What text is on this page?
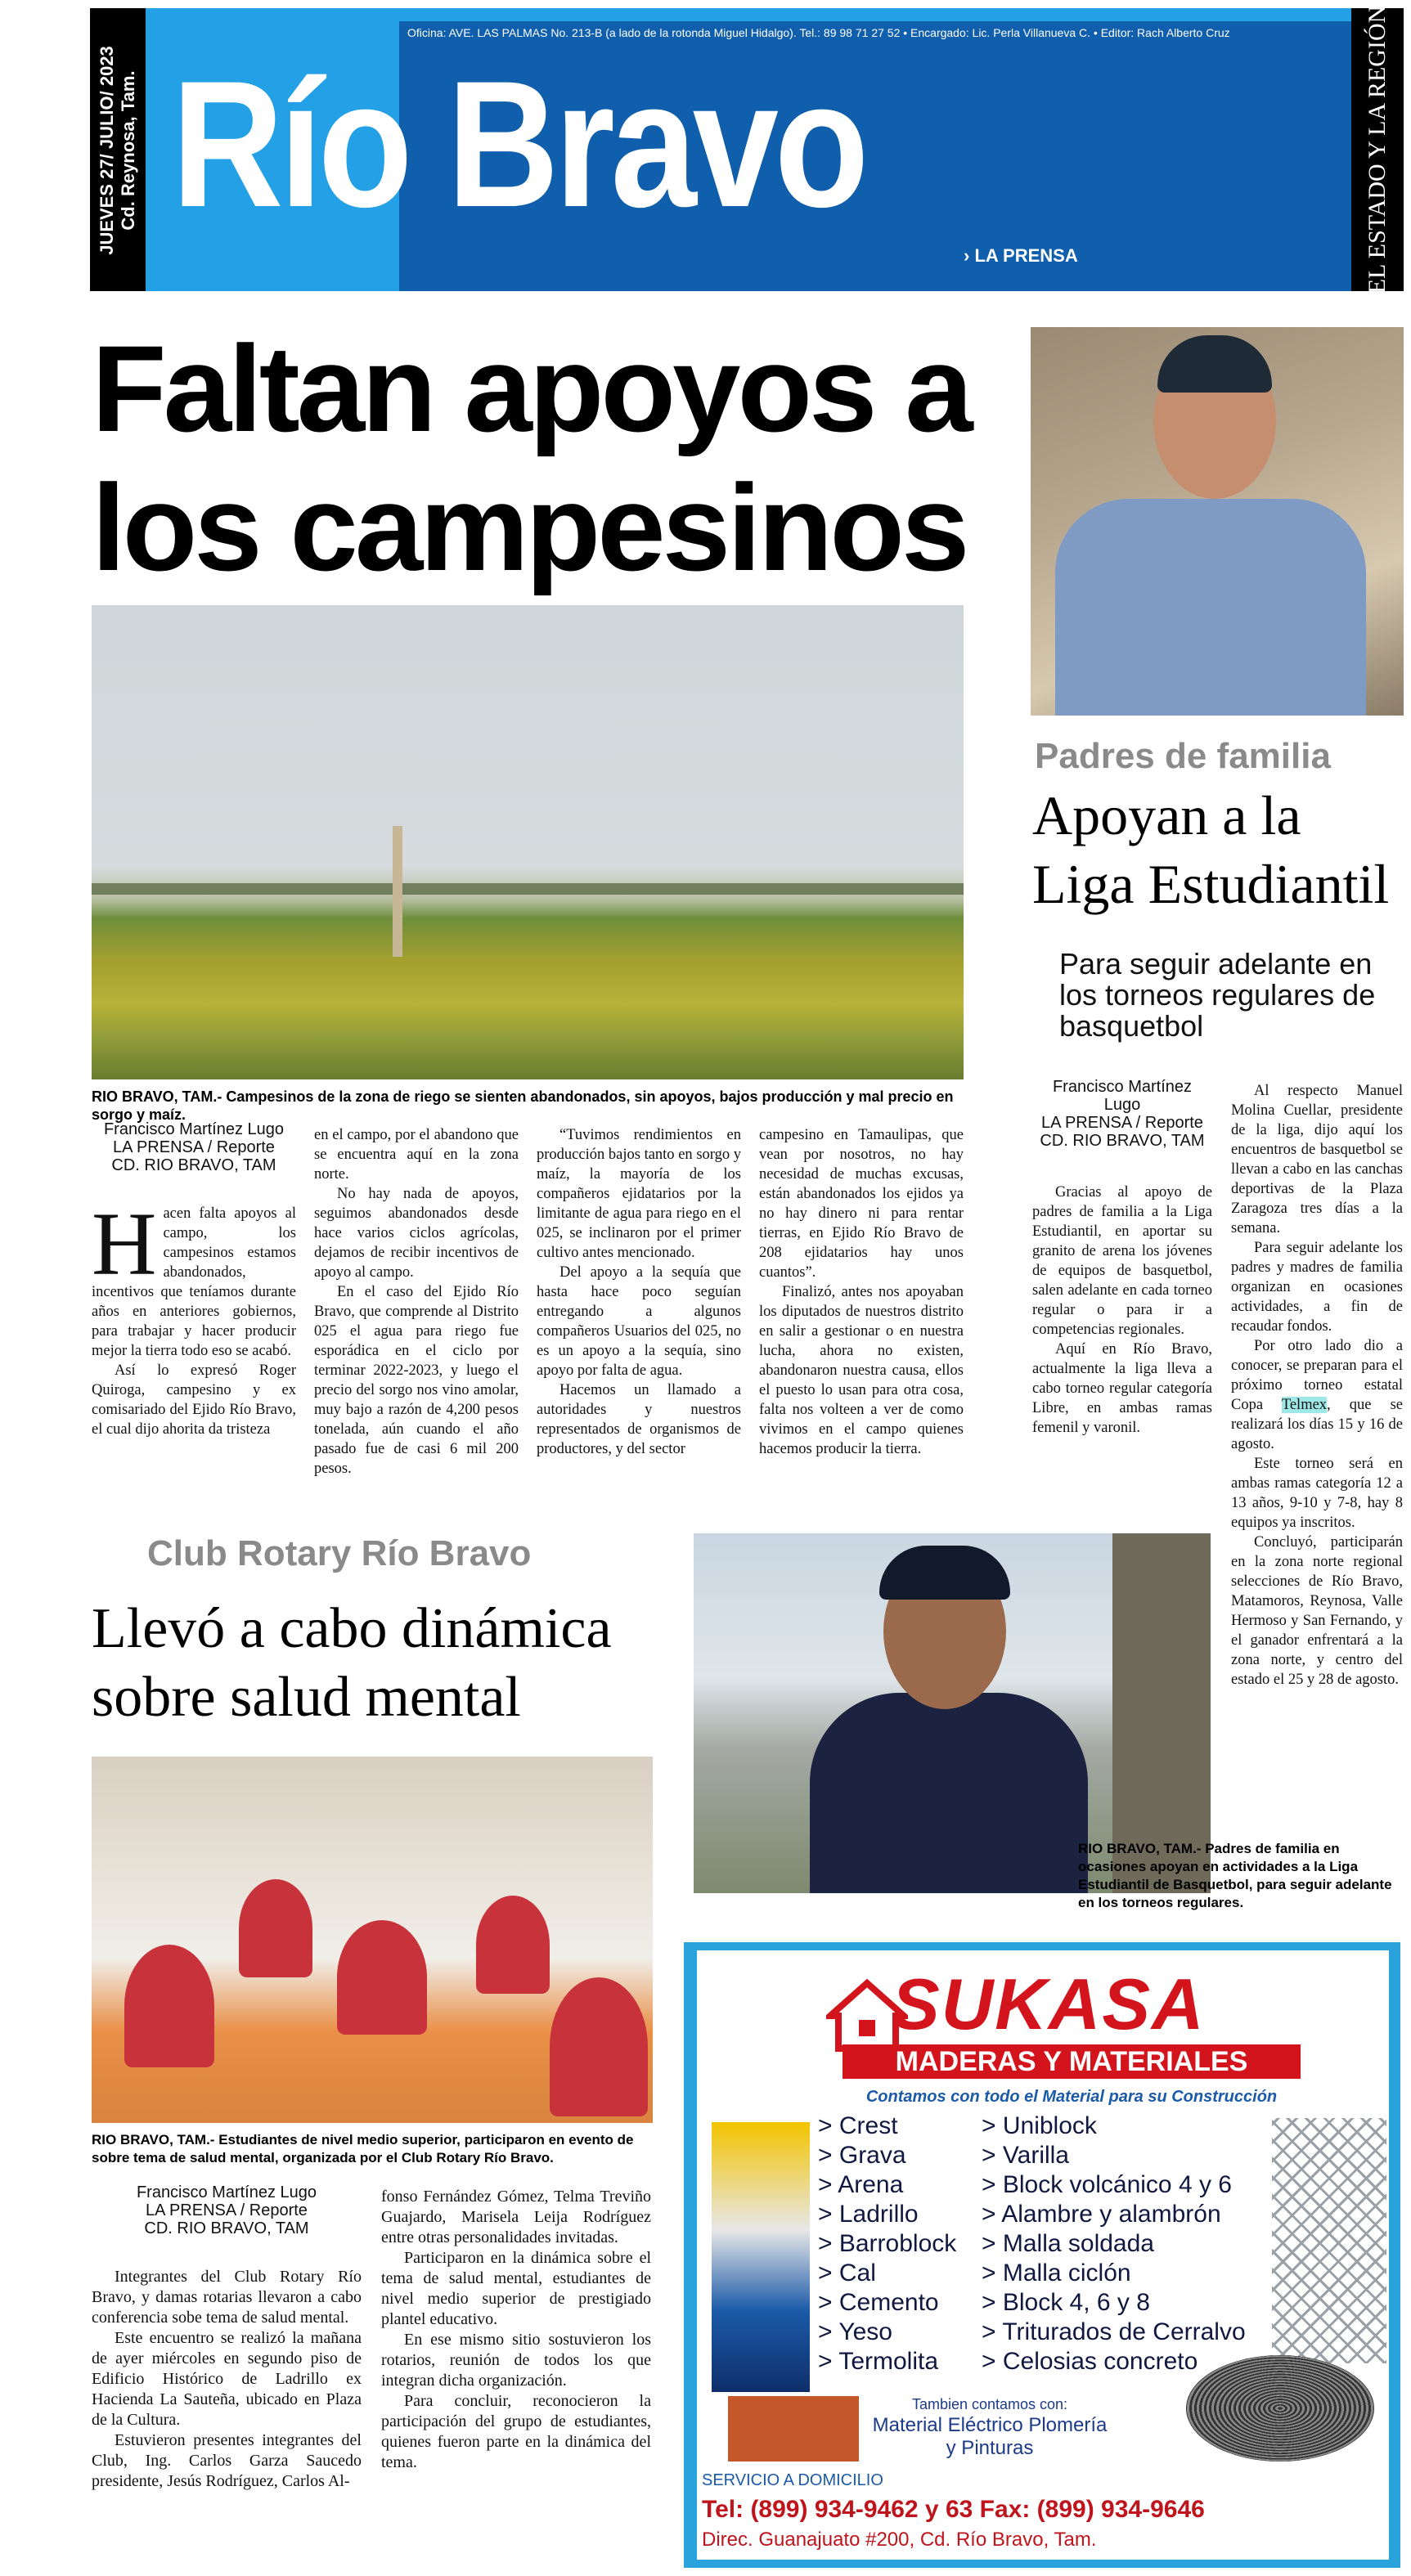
JUEVES 27/ JULIO/ 2023
Cd. Reynosa, Tam.
Oficina: AVE. LAS PALMAS No. 213-B (a lado de la rotonda Miguel Hidalgo). Tel.: 89 98 71 27 52 • Encargado: Lic. Perla Villanueva C. • Editor: Rach Alberto Cruz
Río Bravo
› LA PRENSA	EL ESTADO Y LA REGIÓN
Faltan apoyos a los campesinos
RIO BRAVO, TAM.- Campesinos de la zona de riego se sienten abandonados, sin apoyos, bajos producción y mal precio en sorgo y maíz.
Francisco Martínez Lugo
LA PRENSA / Reporte
CD. RIO BRAVO, TAM
H acen falta apoyos al campo, los campesinos estamos abandonados, incentivos que teníamos durante años en anteriores gobiernos, para trabajar y hacer producir mejor la tierra todo eso se acabó.

Así lo expresó Roger Quiroga, campesino y ex comisariado del Ejido Río Bravo, el cual dijo ahorita da tristeza

en el campo, por el abandono que se encuentra aquí en la zona norte.

No hay nada de apoyos, seguimos abandonados desde hace varios ciclos agrícolas, dejamos de recibir incentivos de apoyo al campo.

En el caso del Ejido Río Bravo, que comprende al Distrito 025 el agua para riego fue esporádica en el ciclo por terminar 2022-2023, y luego el precio del sorgo nos vino amolar, muy bajo a razón de 4,200 pesos tonelada, aún cuando el año pasado fue de casi 6 mil 200 pesos.

“Tuvimos rendimientos en producción bajos tanto en sorgo y maíz, la mayoría de los compañeros ejidatarios por la limitante de agua para riego en el 025, se inclinaron por el primer cultivo antes mencionado.

Del apoyo a la sequía que hasta hace poco seguían entregando a algunos compañeros Usuarios del 025, no es un apoyo a la sequía, sino apoyo por falta de agua.

Hacemos un llamado a autoridades y nuestros representados de organismos de productores, y del sector

campesino en Tamaulipas, que vean por nosotros, no hay necesidad de muchas excusas, están abandonados los ejidos ya no hay dinero ni para rentar tierras, en Ejido Río Bravo de 208 ejidatarios hay unos cuantos”.

Finalizó, antes nos apoyaban los diputados de nuestros distrito en salir a gestionar o en nuestra lucha, ahora no existen, abandonaron nuestra causa, ellos el puesto lo usan para otra cosa, falta nos volteen a ver de como vivimos en el campo quienes hacemos producir la tierra.

Padres de familia
Apoyan a la Liga Estudiantil
Para seguir adelante en los torneos regulares de basquetbol
Francisco Martínez
Lugo
LA PRENSA / Reporte
CD. RIO BRAVO, TAM

Gracias al apoyo de padres de familia a la Liga Estudiantil, en aportar su granito de arena los jóvenes de equipos de basquetbol, salen adelante en cada torneo regular o para ir a competencias regionales.

Aquí en Río Bravo, actualmente la liga lleva a cabo torneo regular categoría Libre, en ambas ramas femenil y varonil.

Al respecto Manuel Molina Cuellar, presidente de la liga, dijo aquí los encuentros de basquetbol se llevan a cabo en las canchas deportivas de la Plaza Zaragoza tres días a la semana.

Para seguir adelante los padres y madres de familia organizan en ocasiones actividades, a fin de recaudar fondos.

Por otro lado dio a conocer, se preparan para el próximo torneo estatal Copa Telmex, que se realizará los días 15 y 16 de agosto.

Este torneo será en ambas ramas categoría 12 a 13 años, 9-10 y 7-8, hay 8 equipos ya inscritos.

Concluyó, participarán en la zona norte regional selecciones de Río Bravo, Matamoros, Reynosa, Valle Hermoso y San Fernando, y el ganador enfrentará a la zona norte, y centro del estado el 25 y 28 de agosto.

RIO BRAVO, TAM.- Padres de familia en ocasiones apoyan en actividades a la Liga Estudiantil de Basquetbol, para seguir adelante en los torneos regulares.
Club Rotary Río Bravo
Llevó a cabo dinámica sobre salud mental
RIO BRAVO, TAM.- Estudiantes de nivel medio superior, participaron en evento de sobre tema de salud mental, organizada por el Club Rotary Río Bravo.
Francisco Martínez Lugo
LA PRENSA / Reporte
CD. RIO BRAVO, TAM

Integrantes del Club Rotary Río Bravo, y damas rotarias llevaron a cabo conferencia sobe tema de salud mental.

Este encuentro se realizó la mañana de ayer miércoles en segundo piso de Edificio Histórico de Ladrillo ex Hacienda La Sauteña, ubicado en Plaza de la Cultura.

Estuvieron presentes integrantes del Club, Ing. Carlos Garza Saucedo presidente, Jesús Rodríguez, Carlos Al-

fonso Fernández Gómez, Telma Treviño Guajardo, Marisela Leija Rodríguez entre otras personalidades invitadas.

Participaron en la dinámica sobre el tema de salud mental, estudiantes de nivel medio superior de prestigiado plantel educativo.

En ese mismo sitio sostuvieron los rotarios, reunión de todos los que integran dicha organización.

Para concluir, reconocieron la participación del grupo de estudiantes, quienes fueron parte en la dinámica del tema.

SUKASA
MADERAS Y MATERIALES
Contamos con todo el Material para su Construcción
> Crest
> Grava
> Arena
> Ladrillo
> Barroblock
> Cal
> Cemento
> Yeso
> Termolita
> Uniblock
> Varilla
> Block volcánico 4 y 6
> Alambre y alambrón
> Malla soldada
> Malla ciclón
> Block 4, 6 y 8
> Triturados de Cerralvo
> Celosias concreto
Tambien contamos con:
Material Eléctrico Plomería y Pinturas
SERVICIO A DOMICILIO
Tel: (899) 934-9462 y 63 Fax: (899) 934-9646
Direc. Guanajuato #200, Cd. Río Bravo, Tam.
